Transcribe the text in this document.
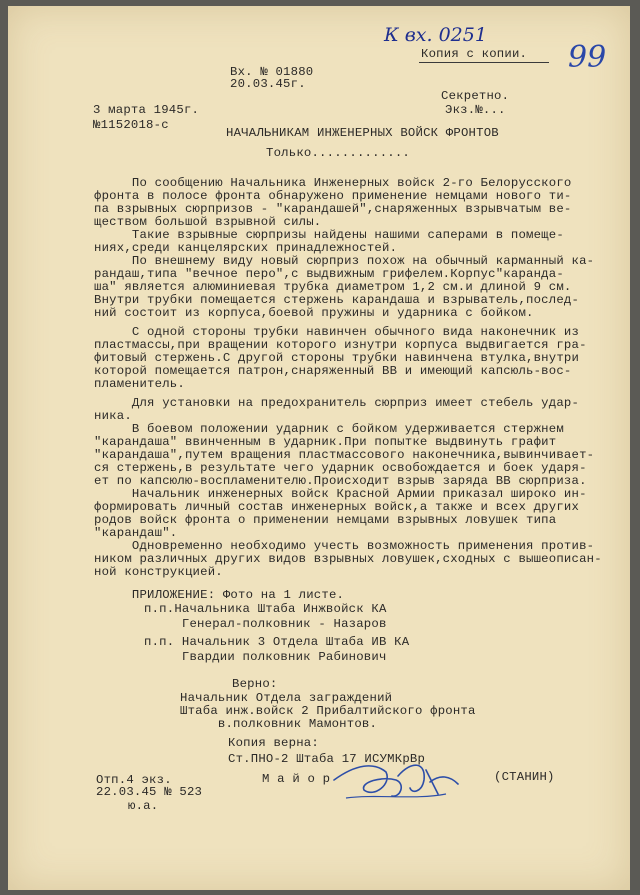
К вх. 0251
99
Копия с копии.
Вх. № 01880
20.03.45г.
Секретно.
Экз.№...
3 марта 1945г.
№1152018-с
НАЧАЛЬНИКАМ ИНЖЕНЕРНЫХ ВОЙСК ФРОНТОВ
Только.............
По сообщению Начальника Инженерных войск 2-го Белорусского
фронта в полосе фронта обнаружено применение немцами нового ти-
па взрывных сюрпризов - "карандашей",снаряженных взрывчатым ве-
ществом большой взрывной силы.
Такие взрывные сюрпризы найдены нашими саперами в помеще-
ниях,среди канцелярских принадлежностей.
По внешнему виду новый сюрприз похож на обычный карманный ка-
рандаш,типа "вечное перо",с выдвижным грифелем.Корпус"каранда-
ша" является алюминиевая трубка диаметром 1,2 см.и длиной 9 см.
Внутри трубки помещается стержень карандаша и взрыватель,послед-
ний состоит из корпуса,боевой пружины и ударника с бойком.
С одной стороны трубки навинчен обычного вида наконечник из
пластмассы,при вращении которого изнутри корпуса выдвигается гра-
фитовый стержень.С другой стороны трубки навинчена втулка,внутри
которой помещается патрон,снаряженный ВВ и имеющий капсюль-вос-
пламенитель.
Для установки на предохранитель сюрприз имеет стебель удар-
ника.
В боевом положении ударник с бойком удерживается стержнем
"карандаша" ввинченным в ударник.При попытке выдвинуть графит
"карандаша",путем вращения пластмассового наконечника,вывинчивает-
ся стержень,в результате чего ударник освобождается и боек ударя-
ет по капсюлю-воспламенителю.Происходит взрыв заряда ВВ сюрприза.
Начальник инженерных войск Красной Армии приказал широко ин-
формировать личный состав инженерных войск,а также и всех других
родов войск фронта о применении немцами взрывных ловушек типа
"карандаш".
Одновременно необходимо учесть возможность применения против-
ником различных других видов взрывных ловушек,сходных с вышеописан-
ной конструкцией.
ПРИЛОЖЕНИЕ: Фото на 1 листе.
п.п.Начальника Штаба Инжвойск КА
Генерал-полковник - Назаров
п.п. Начальник 3 Отдела Штаба ИВ КА
Гвардии полковник Рабинович
Верно:
Начальник Отдела заграждений
Штаба инж.войск 2 Прибалтийского фронта
в.полковник Мамонтов.
Копия верна:
Ст.ПНО-2 Штаба 17 ИСУМКрВр
М а й о р	(СТАНИН)
Отп.4 экз.
22.03.45 № 523
ю.а.
